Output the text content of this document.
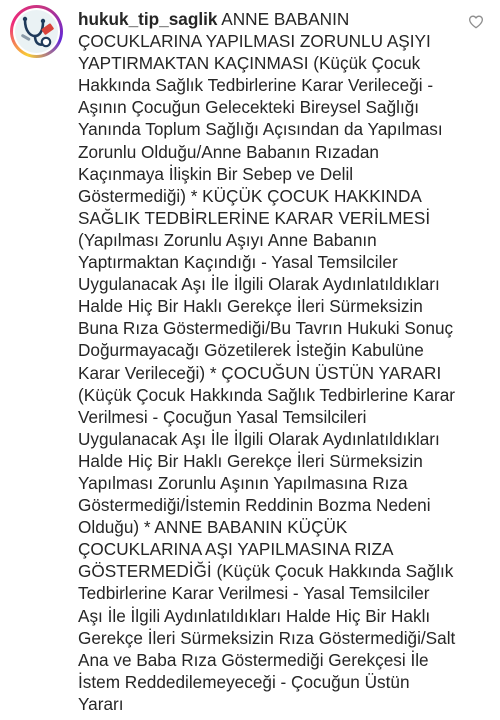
hukuk_tip_saglik ANNE BABANIN ÇOCUKLARINA YAPILMASI ZORUNLU AŞIYI YAPTIRMAKTAN KAÇINMASI (Küçük Çocuk Hakkında Sağlık Tedbirlerine Karar Verileceği - Aşının Çocuğun Gelecekteki Bireysel Sağlığı Yanında Toplum Sağlığı Açısından da Yapılması Zorunlu Olduğu/Anne Babanın Rızadan Kaçınmaya İlişkin Bir Sebep ve Delil Göstermediği) * KÜÇÜK ÇOCUK HAKKINDA SAĞLIK TEDBİRLERİNE KARAR VERİLMESİ (Yapılması Zorunlu Aşıyı Anne Babanın Yaptırmaktan Kaçındığı - Yasal Temsilciler Uygulanacak Aşı İle İlgili Olarak Aydınlatıldıkları Halde Hiç Bir Haklı Gerekçe İleri Sürmeksizin Buna Rıza Göstermediği/Bu Tavrın Hukuki Sonuç Doğurmayacağı Gözetilerek İsteğin Kabulüne Karar Verileceği) * ÇOCUĞUN ÜSTÜN YARARI (Küçük Çocuk Hakkında Sağlık Tedbirlerine Karar Verilmesi - Çocuğun Yasal Temsilcileri Uygulanacak Aşı İle İlgili Olarak Aydınlatıldıkları Halde Hiç Bir Haklı Gerekçe İleri Sürmeksizin Yapılması Zorunlu Aşının Yapılmasına Rıza Göstermediği/İstemin Reddinin Bozma Nedeni Olduğu) * ANNE BABANIN KÜÇÜK ÇOCUKLARINA AŞI YAPILMASINA RIZA GÖSTERMEDİĞİ (Küçük Çocuk Hakkında Sağlık Tedbirlerine Karar Verilmesi - Yasal Temsilciler Aşı İle İlgili Aydınlatıldıkları Halde Hiç Bir Haklı Gerekçe İleri Sürmeksizin Rıza Göstermediği/Salt Ana ve Baba Rıza Göstermediği Gerekçesi İle İstem Reddedilemeyeceği - Çocuğun Üstün Yararı
